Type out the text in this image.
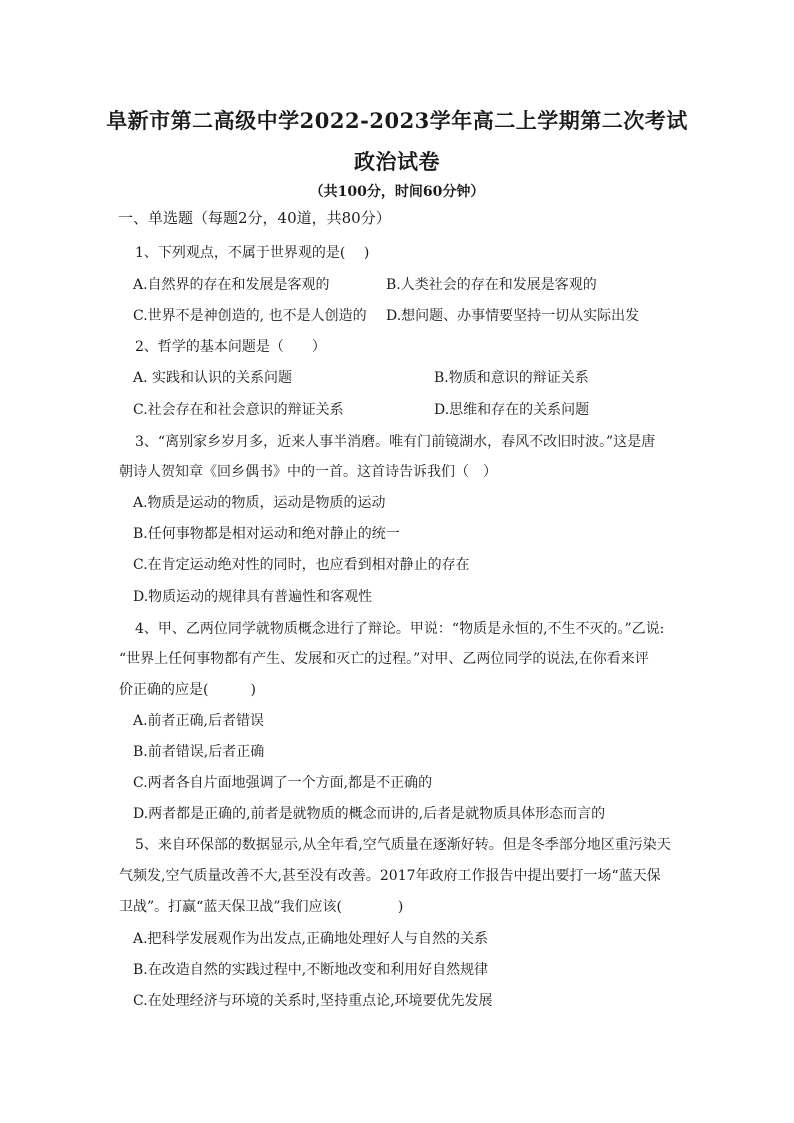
阜新市第二高级中学2022-2023学年高二上学期第二次考试
政治试卷
（共100分，时间60分钟）
一、单选题（每题2分，40道，共80分）
1、下列观点，不属于世界观的是(　 )
A.自然界的存在和发展是客观的	B.人类社会的存在和发展是客观的
C.世界不是神创造的, 也不是人创造的 D.想问题、办事情要坚持一切从实际出发
2、哲学的基本问题是（　　）
A. 实践和认识的关系问题	B.物质和意识的辩证关系
C.社会存在和社会意识的辩证关系	D.思维和存在的关系问题
3、“离别家乡岁月多，近来人事半消磨。唯有门前镜湖水，春风不改旧时波。”这是唐
朝诗人贺知章《回乡偶书》中的一首。这首诗告诉我们（　）
A.物质是运动的物质，运动是物质的运动
B.任何事物都是相对运动和绝对静止的统一
C.在肯定运动绝对性的同时，也应看到相对静止的存在
D.物质运动的规律具有普遍性和客观性
4、甲、乙两位同学就物质概念进行了辩论。甲说：“物质是永恒的,不生不灭的。”乙说:
“世界上任何事物都有产生、发展和灭亡的过程。”对甲、乙两位同学的说法,在你看来评
价正确的应是(　　　)
A.前者正确,后者错误
B.前者错误,后者正确
C.两者各自片面地强调了一个方面,都是不正确的
D.两者都是正确的,前者是就物质的概念而讲的,后者是就物质具体形态而言的
5、来自环保部的数据显示,从全年看,空气质量在逐渐好转。但是冬季部分地区重污染天
气频发,空气质量改善不大,甚至没有改善。2017年政府工作报告中提出要打一场“蓝天保
卫战”。打赢“蓝天保卫战”我们应该(　　　　)
A.把科学发展观作为出发点,正确地处理好人与自然的关系
B.在改造自然的实践过程中,不断地改变和利用好自然规律
C.在处理经济与环境的关系时,坚持重点论,环境要优先发展
